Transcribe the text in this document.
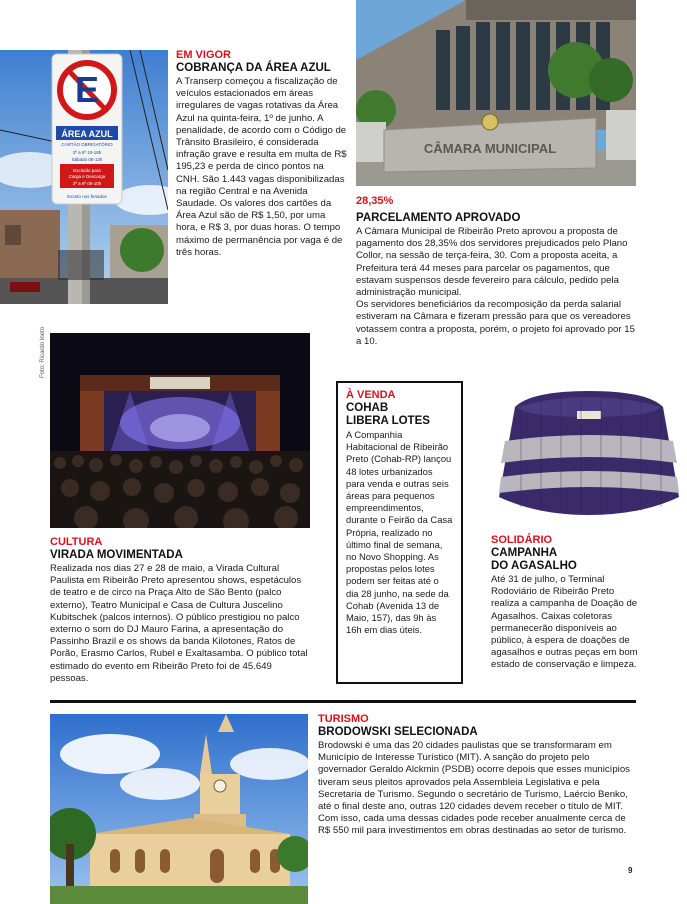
E
ÁREA AZUL
CARTÃO OBRIGATÓRIO
2ª a 6ª 10-18h
Sábado 08-13h
Excluído para
Carga e Descarga
2ª a 6ª 06-10h
Exceto nos feriados
EM VIGOR
COBRANÇA DA ÁREA AZUL
A Transerp começou a fiscalização de veículos estacionados em áreas irregulares de vagas rotativas da Área Azul na quinta-feira, 1º de junho. A penalidade, de acordo com o Código de Trânsito Brasileiro, é considerada infração grave e resulta em multa de R$ 195,23 e perda de cinco pontos na CNH. São 1.443 vagas disponibilizadas na região Central e na Avenida Saudade. Os valores dos cartões da Área Azul são de R$ 1,50, por uma hora, e R$ 3, por duas horas. O tempo máximo de permanência por vaga é de três horas.
CÂMARA MUNICIPAL
28,35%
PARCELAMENTO APROVADO
A Câmara Municipal de Ribeirão Preto aprovou a proposta de pagamento dos 28,35% dos servidores prejudicados pelo Plano Collor, na sessão de terça-feira, 30. Com a proposta aceita, a Prefeitura terá 44 meses para parcelar os pagamentos, que estavam suspensos desde fevereiro para cálculo, pedido pela administração municipal.
Os servidores beneficiários da recomposição da perda salarial estiveram na Câmara e fizeram pressão para que os vereadores votassem contra a proposta, porém, o projeto foi aprovado por 15 a 10.
Foto: Ricardo Ineto
CULTURA
VIRADA MOVIMENTADA
Realizada nos dias 27 e 28 de maio, a Virada Cultural Paulista em Ribeirão Preto apresentou shows, espetáculos de teatro e de circo na Praça Alto de São Bento (palco externo), Teatro Municipal e Casa de Cultura Juscelino Kubitschek (palcos internos). O público prestigiou no palco externo o som do DJ Mauro Farina, a apresentação do Passinho Brazil e os shows da banda Kilotones, Ratos de Porão, Erasmo Carlos, Rubel e Exaltasamba. O público total estimado do evento em Ribeirão Preto foi de 45.649 pessoas.
À VENDA
COHAB
LIBERA LOTES
A Companhia Habitacional de Ribeirão Preto (Cohab-RP) lançou 48 lotes urbanizados para venda e outras seis áreas para pequenos empreendimentos, durante o Feirão da Casa Própria, realizado no último final de semana, no Novo Shopping. As propostas pelos lotes podem ser feitas até o dia 28 junho, na sede da Cohab (Avenida 13 de Maio, 157), das 9h às 16h em dias úteis.
SOLIDÁRIO
CAMPANHA
DO AGASALHO
Até 31 de julho, o Terminal Rodoviário de Ribeirão Preto realiza a campanha de Doação de Agasalhos. Caixas coletoras permanecerão disponíveis ao público, à espera de doações de agasalhos e outras peças em bom estado de conservação e limpeza.
TURISMO
BRODOWSKI SELECIONADA
Brodowski é uma das 20 cidades paulistas que se transformaram em Município de Interesse Turístico (MIT). A sanção do projeto pelo governador Geraldo Alckmin (PSDB) ocorre depois que esses municípios tiveram seus pleitos aprovados pela Assembleia Legislativa e pela Secretaria de Turismo. Segundo o secretário de Turismo, Laércio Benko, até o final deste ano, outras 120 cidades devem receber o título de MIT. Com isso, cada uma dessas cidades pode receber anualmente cerca de R$ 550 mil para investimentos em obras destinadas ao setor de turismo.
9
